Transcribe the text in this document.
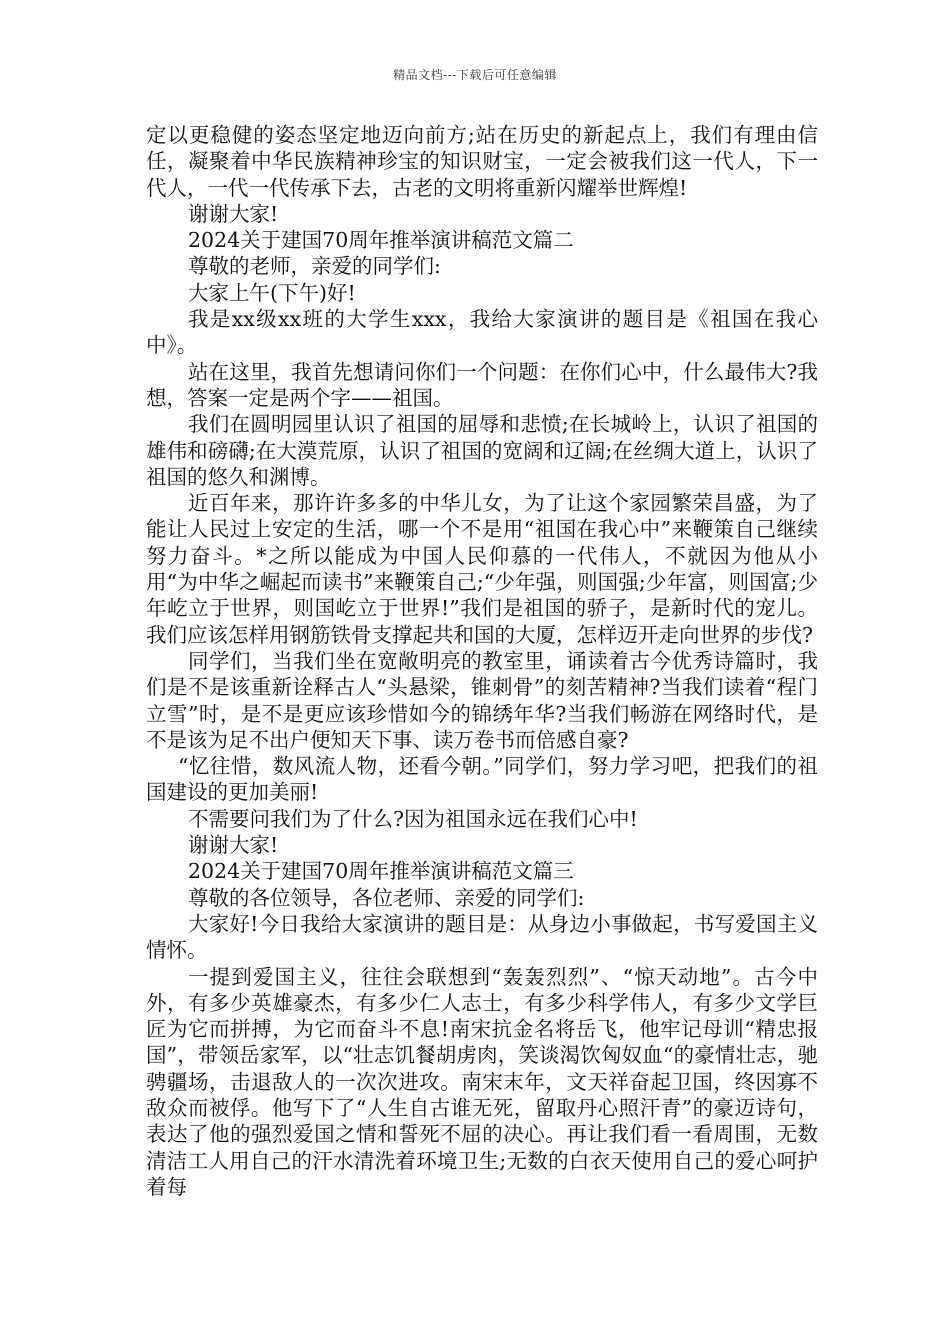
精品文档---下载后可任意编辑

定以更稳健的姿态坚定地迈向前方;站在历史的新起点上，我们有理由信任，凝聚着中华民族精神珍宝的知识财宝，一定会被我们这一代人，下一代人，一代一代传承下去，古老的文明将重新闪耀举世辉煌!

谢谢大家!

2024关于建国70周年推举演讲稿范文篇二

尊敬的老师，亲爱的同学们:

大家上午(下午)好!

我是xx级xx班的大学生xxx，我给大家演讲的题目是《祖国在我心中》。

站在这里，我首先想请问你们一个问题：在你们心中，什么最伟大?我想，答案一定是两个字——祖国。

我们在圆明园里认识了祖国的屈辱和悲愤;在长城岭上，认识了祖国的雄伟和磅礴;在大漠荒原，认识了祖国的宽阔和辽阔;在丝绸大道上，认识了祖国的悠久和渊博。

近百年来，那许许多多的中华儿女，为了让这个家园繁荣昌盛，为了能让人民过上安定的生活，哪一个不是用“祖国在我心中”来鞭策自己继续努力奋斗。*之所以能成为中国人民仰慕的一代伟人，不就因为他从小用“为中华之崛起而读书”来鞭策自己;“少年强，则国强;少年富，则国富;少年屹立于世界，则国屹立于世界!”我们是祖国的骄子，是新时代的宠儿。我们应该怎样用钢筋铁骨支撑起共和国的大厦，怎样迈开走向世界的步伐?

同学们，当我们坐在宽敞明亮的教室里，诵读着古今优秀诗篇时，我们是不是该重新诠释古人“头悬梁，锥刺骨”的刻苦精神?当我们读着“程门立雪”时，是不是更应该珍惜如今的锦绣年华?当我们畅游在网络时代，是不是该为足不出户便知天下事、读万卷书而倍感自豪?

“忆往惜，数风流人物，还看今朝。”同学们，努力学习吧，把我们的祖国建设的更加美丽!

不需要问我们为了什么?因为祖国永远在我们心中!

谢谢大家!

2024关于建国70周年推举演讲稿范文篇三

尊敬的各位领导，各位老师、亲爱的同学们:

大家好!今日我给大家演讲的题目是：从身边小事做起，书写爱国主义情怀。

一提到爱国主义，往往会联想到“轰轰烈烈”、“惊天动地”。古今中外，有多少英雄豪杰，有多少仁人志士，有多少科学伟人，有多少文学巨匠为它而拼搏，为它而奋斗不息!南宋抗金名将岳飞，他牢记母训“精忠报国”，带领岳家军，以“壮志饥餐胡虏肉，笑谈渴饮匈奴血“的豪情壮志，驰骋疆场，击退敌人的一次次进攻。南宋末年，文天祥奋起卫国，终因寡不敌众而被俘。他写下了“人生自古谁无死，留取丹心照汗青”的豪迈诗句，表达了他的强烈爱国之情和誓死不屈的决心。再让我们看一看周围，无数清洁工人用自己的汗水清洗着环境卫生;无数的白衣天使用自己的爱心呵护着每
